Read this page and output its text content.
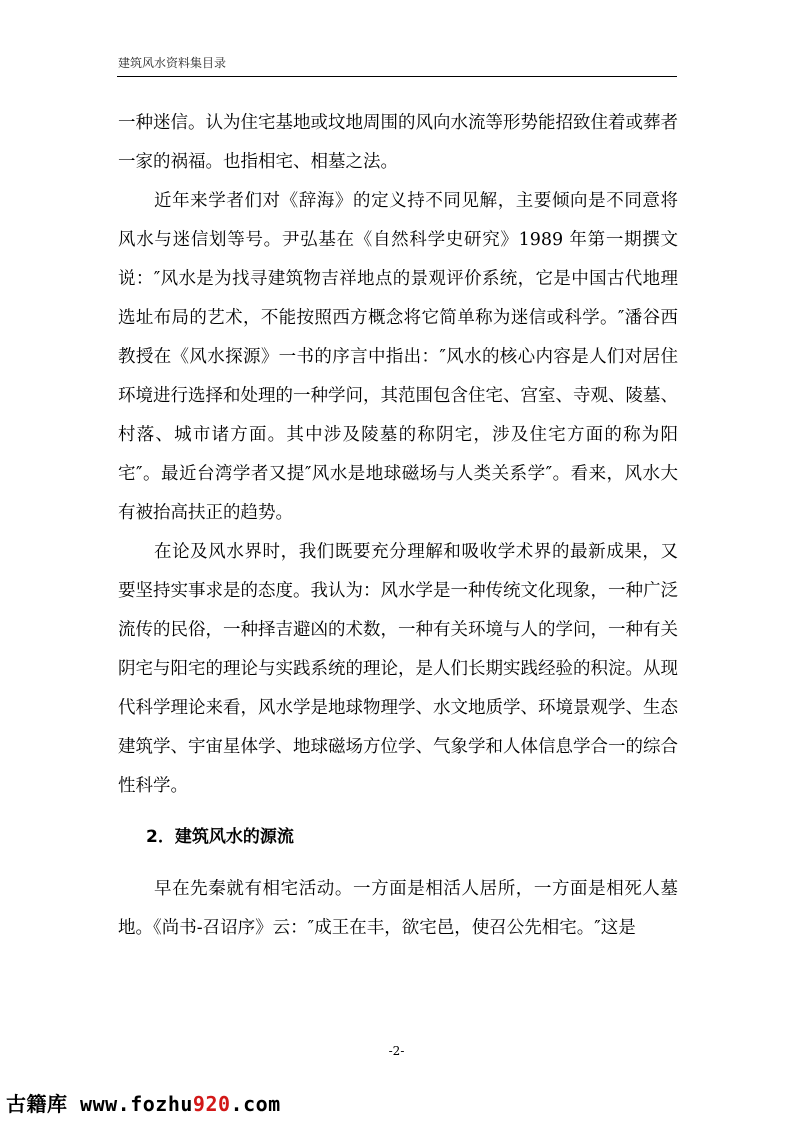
建筑风水资料集目录

一种迷信。认为住宅基地或坟地周围的风向水流等形势能招致住着或葬者一家的祸福。也指相宅、相墓之法。

近年来学者们对《辞海》的定义持不同见解，主要倾向是不同意将风水与迷信划等号。尹弘基在《自然科学史研究》1989 年第一期撰文说：″风水是为找寻建筑物吉祥地点的景观评价系统，它是中国古代地理选址布局的艺术，不能按照西方概念将它简单称为迷信或科学。″潘谷西教授在《风水探源》一书的序言中指出：″风水的核心内容是人们对居住环境进行选择和处理的一种学问，其范围包含住宅、宫室、寺观、陵墓、村落、城市诸方面。其中涉及陵墓的称阴宅，涉及住宅方面的称为阳宅″。最近台湾学者又提″风水是地球磁场与人类关系学″。看来，风水大有被抬高扶正的趋势。

在论及风水界时，我们既要充分理解和吸收学术界的最新成果，又要坚持实事求是的态度。我认为：风水学是一种传统文化现象，一种广泛流传的民俗，一种择吉避凶的术数，一种有关环境与人的学问，一种有关阴宅与阳宅的理论与实践系统的理论，是人们长期实践经验的积淀。从现代科学理论来看，风水学是地球物理学、水文地质学、环境景观学、生态建筑学、宇宙星体学、地球磁场方位学、气象学和人体信息学合一的综合性科学。

2．建筑风水的源流

早在先秦就有相宅活动。一方面是相活人居所，一方面是相死人墓地。《尚书-召诏序》云：″成王在丰，欲宅邑，使召公先相宅。″这是

-2-
古籍库 www.fozhu920.com
